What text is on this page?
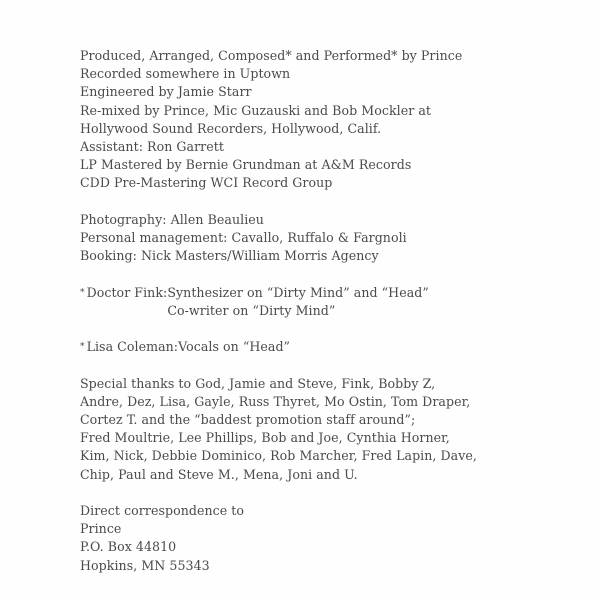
Produced, Arranged, Composed* and Performed* by Prince
Recorded somewhere in Uptown
Engineered by Jamie Starr
Re-mixed by Prince, Mic Guzauski and Bob Mockler at
Hollywood Sound Recorders, Hollywood, Calif.
Assistant: Ron Garrett
LP Mastered by Bernie Grundman at A&M Records
CDD Pre-Mastering WCI Record Group
Photography: Allen Beaulieu
Personal management: Cavallo, Ruffalo & Fargnoli
Booking: Nick Masters/William Morris Agency
* Doctor Fink: Synthesizer on “Dirty Mind” and “Head”
Co-writer on “Dirty Mind”
* Lisa Coleman: Vocals on “Head”
Special thanks to God, Jamie and Steve, Fink, Bobby Z,
Andre, Dez, Lisa, Gayle, Russ Thyret, Mo Ostin, Tom Draper,
Cortez T. and the “baddest promotion staff around”;
Fred Moultrie, Lee Phillips, Bob and Joe, Cynthia Horner,
Kim, Nick, Debbie Dominico, Rob Marcher, Fred Lapin, Dave,
Chip, Paul and Steve M., Mena, Joni and U.
Direct correspondence to
Prince
P.O. Box 44810
Hopkins, MN 55343
